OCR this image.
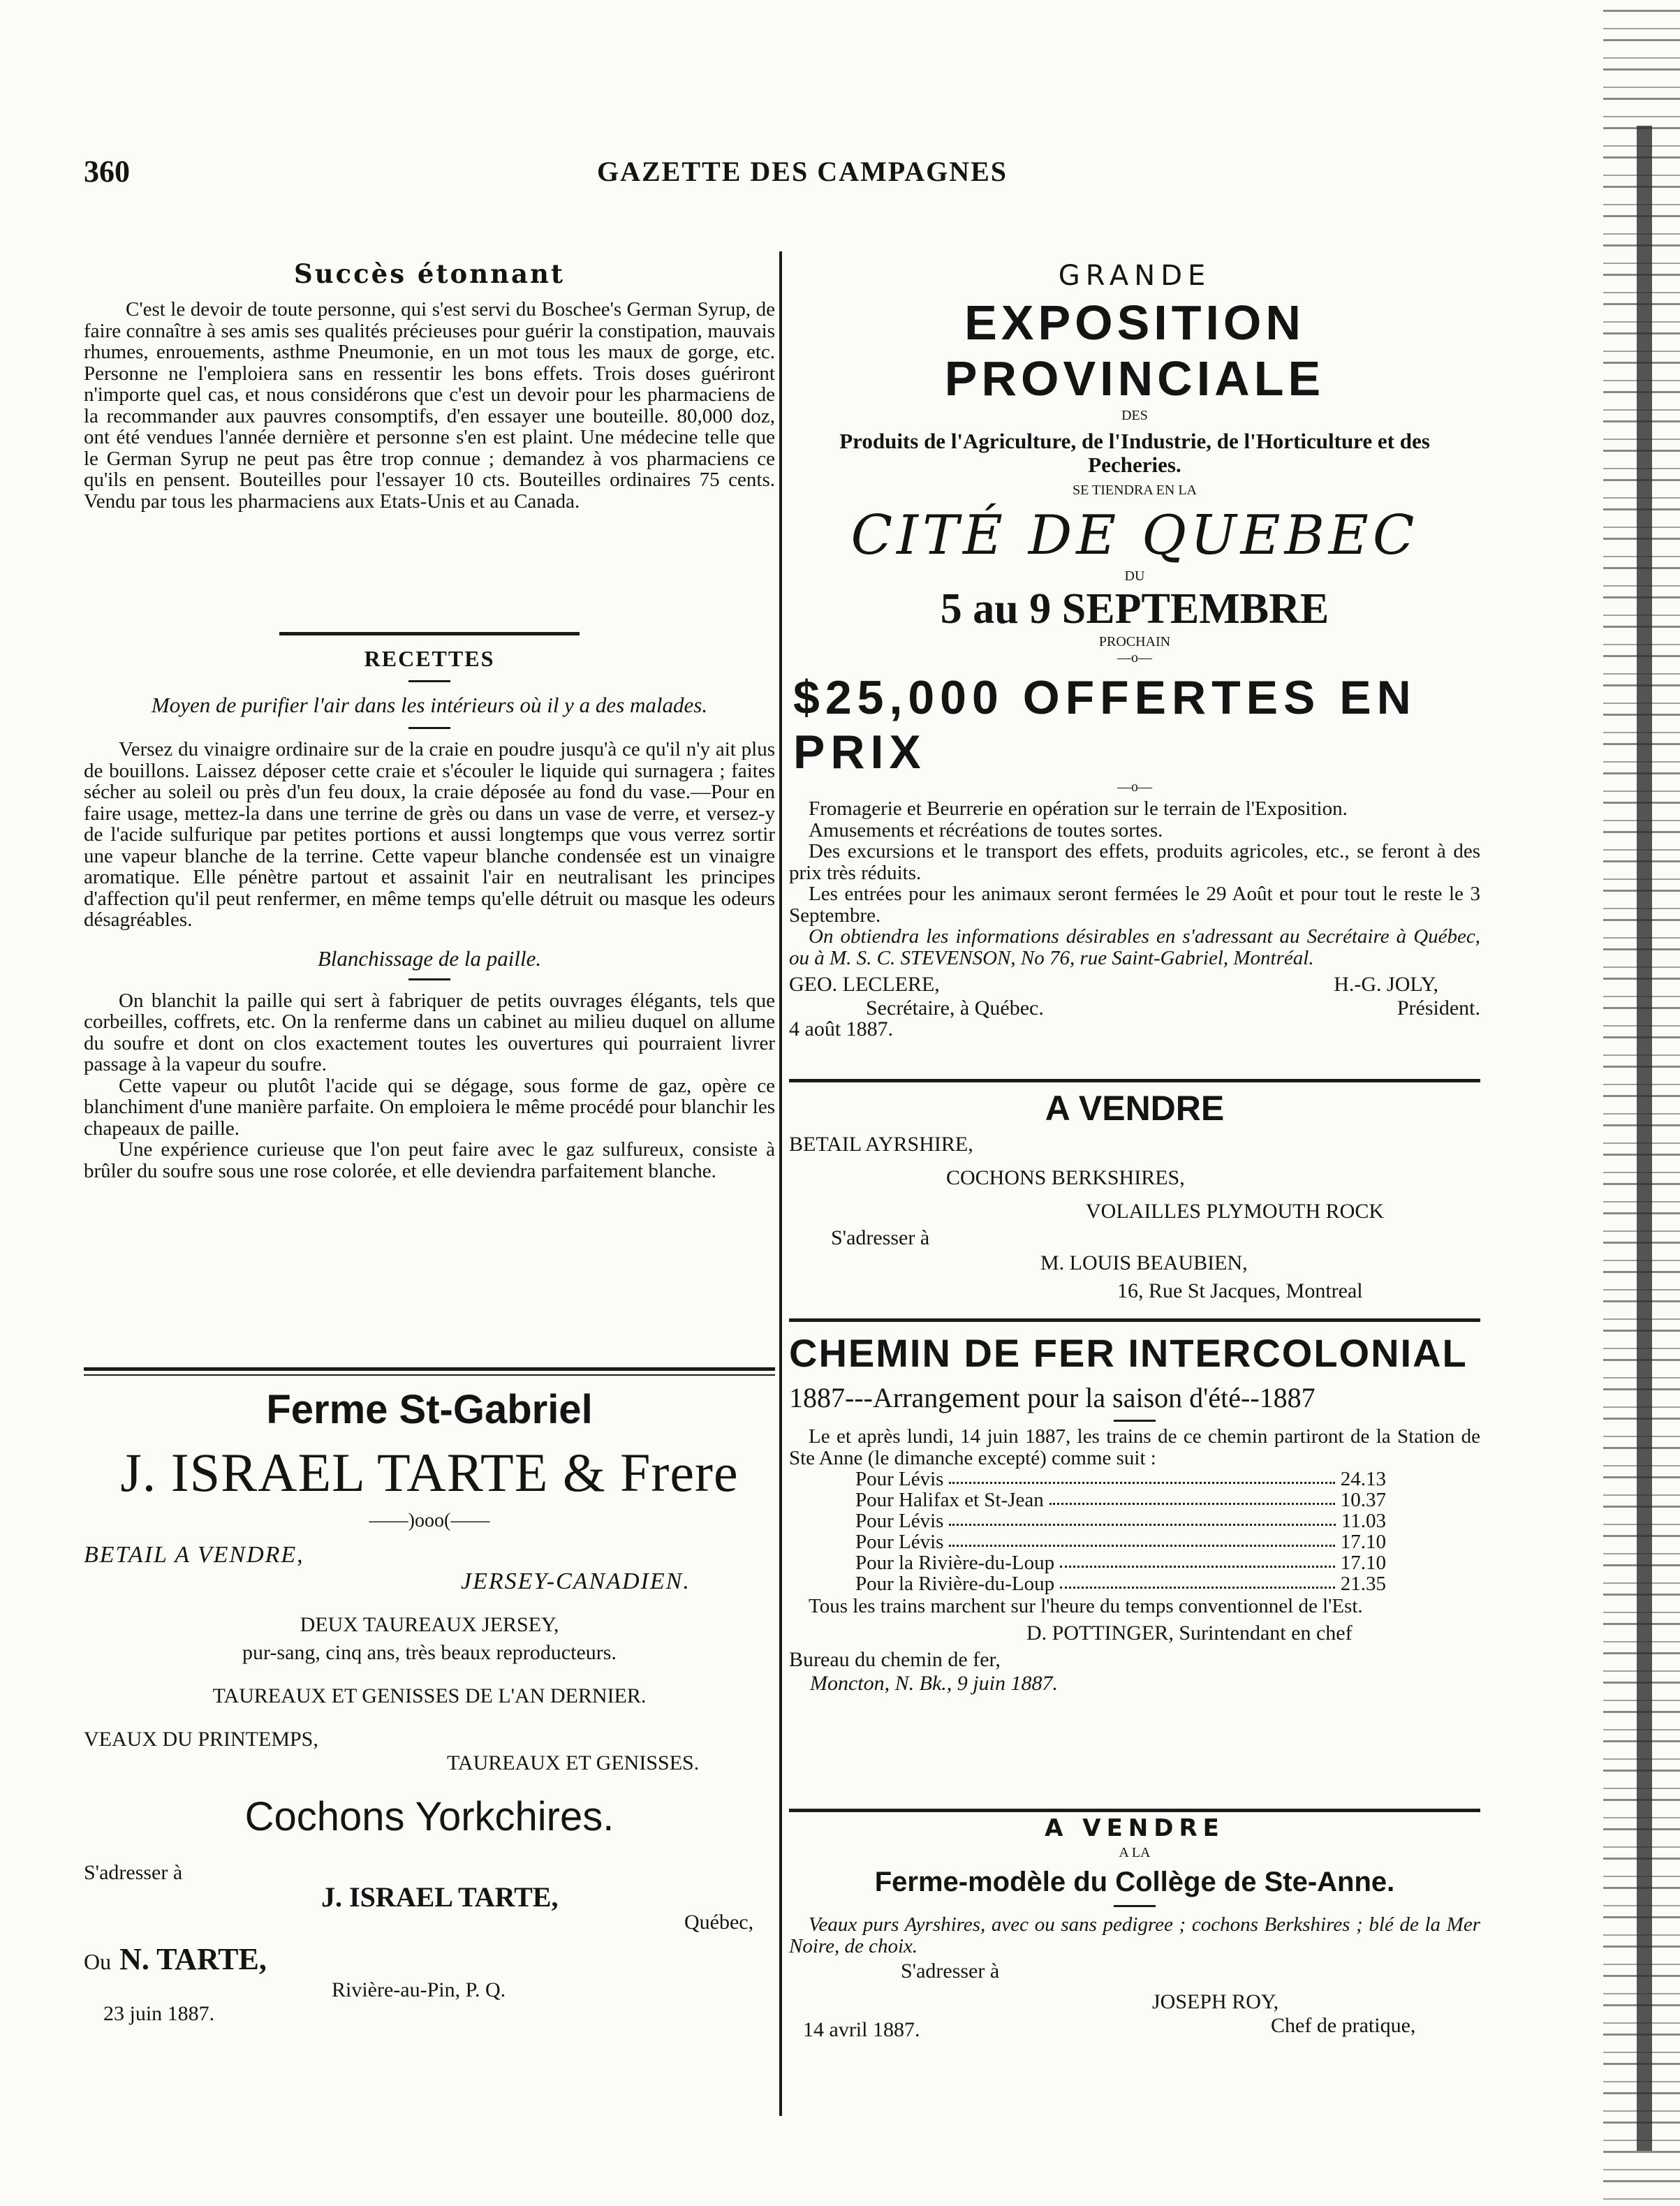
360	GAZETTE DES CAMPAGNES
Succès étonnant

C'est le devoir de toute personne, qui s'est servi du Boschee's German Syrup, de faire connaître à ses amis ses qualités précieuses pour guérir la constipation, mauvais rhumes, enrouements, asthme Pneumonie, en un mot tous les maux de gorge, etc. Personne ne l'emploiera sans en ressentir les bons effets. Trois doses guériront n'importe quel cas, et nous considérons que c'est un devoir pour les pharmaciens de la recommander aux pauvres consomptifs, d'en essayer une bouteille. 80,000 doz, ont été vendues l'année dernière et personne s'en est plaint. Une médecine telle que le German Syrup ne peut pas être trop connue ; demandez à vos pharmaciens ce qu'ils en pensent. Bouteilles pour l'essayer 10 cts. Bouteilles ordinaires 75 cents. Vendu par tous les pharmaciens aux Etats-Unis et au Canada.

RECETTES
Moyen de purifier l'air dans les intérieurs où il y a des malades.

Versez du vinaigre ordinaire sur de la craie en poudre jusqu'à ce qu'il n'y ait plus de bouillons. Laissez déposer cette craie et s'écouler le liquide qui surnagera ; faites sécher au soleil ou près d'un feu doux, la craie déposée au fond du vase.—Pour en faire usage, mettez-la dans une terrine de grès ou dans un vase de verre, et versez-y de l'acide sulfurique par petites portions et aussi longtemps que vous verrez sortir une vapeur blanche de la terrine. Cette vapeur blanche condensée est un vinaigre aromatique. Elle pénètre partout et assainit l'air en neutralisant les principes d'affection qu'il peut renfermer, en même temps qu'elle détruit ou masque les odeurs désagréables.

Blanchissage de la paille.

On blanchit la paille qui sert à fabriquer de petits ouvrages élégants, tels que corbeilles, coffrets, etc. On la renferme dans un cabinet au milieu duquel on allume du soufre et dont on clos exactement toutes les ouvertures qui pourraient livrer passage à la vapeur du soufre.

Cette vapeur ou plutôt l'acide qui se dégage, sous forme de gaz, opère ce blanchiment d'une manière parfaite. On emploiera le même procédé pour blanchir les chapeaux de paille.

Une expérience curieuse que l'on peut faire avec le gaz sulfureux, consiste à brûler du soufre sous une rose colorée, et elle deviendra parfaitement blanche.

Ferme St-Gabriel
J. ISRAEL TARTE & Frere
——)ooo(——
BETAIL A VENDRE,
JERSEY-CANADIEN.
DEUX TAUREAUX JERSEY,
pur-sang, cinq ans, très beaux reproducteurs.
TAUREAUX ET GENISSES DE L'AN DERNIER.
VEAUX DU PRINTEMPS,
TAUREAUX ET GENISSES.
Cochons Yorkchires.
S'adresser à
J. ISRAEL TARTE,
Québec,
Ou N. TARTE,
Rivière-au-Pin, P. Q.
23 juin 1887.
GRANDE
EXPOSITION PROVINCIALE
DES
Produits de l'Agriculture, de l'Industrie, de l'Horticulture et des Pecheries.
SE TIENDRA EN LA
CITÉ DE QUEBEC
DU
5 au 9 SEPTEMBRE
PROCHAIN
—o—
$25,000 OFFERTES EN PRIX
—o—

Fromagerie et Beurrerie en opération sur le terrain de l'Exposition.

Amusements et récréations de toutes sortes.

Des excursions et le transport des effets, produits agricoles, etc., se feront à des prix très réduits.

Les entrées pour les animaux seront fermées le 29 Août et pour tout le reste le 3 Septembre.

On obtiendra les informations désirables en s'adressant au Secrétaire à Québec, ou à M. S. C. STEVENSON, No 76, rue Saint-Gabriel, Montréal.

GEO. LECLERE,	H.-G. JOLY,
Secrétaire, à Québec.	Président.
4 août 1887.
A VENDRE
BETAIL AYRSHIRE,
COCHONS BERKSHIRES,
VOLAILLES PLYMOUTH ROCK
S'adresser à
M. LOUIS BEAUBIEN,
16, Rue St Jacques, Montreal
CHEMIN DE FER INTERCOLONIAL
1887---Arrangement pour la saison d'été--1887

Le et après lundi, 14 juin 1887, les trains de ce chemin partiront de la Station de Ste Anne (le dimanche excepté) comme suit :

Pour Lévis	24.13
Pour Halifax et St-Jean	10.37
Pour Lévis	11.03
Pour Lévis	17.10
Pour la Rivière-du-Loup	17.10
Pour la Rivière-du-Loup	21.35

Tous les trains marchent sur l'heure du temps conventionnel de l'Est.

D. POTTINGER, Surintendant en chef
Bureau du chemin de fer,
Moncton, N. Bk., 9 juin 1887.
A VENDRE
A LA
Ferme-modèle du Collège de Ste-Anne.

Veaux purs Ayrshires, avec ou sans pedigree ; cochons Berkshires ; blé de la Mer Noire, de choix.

S'adresser à
JOSEPH ROY,
Chef de pratique,
14 avril 1887.
